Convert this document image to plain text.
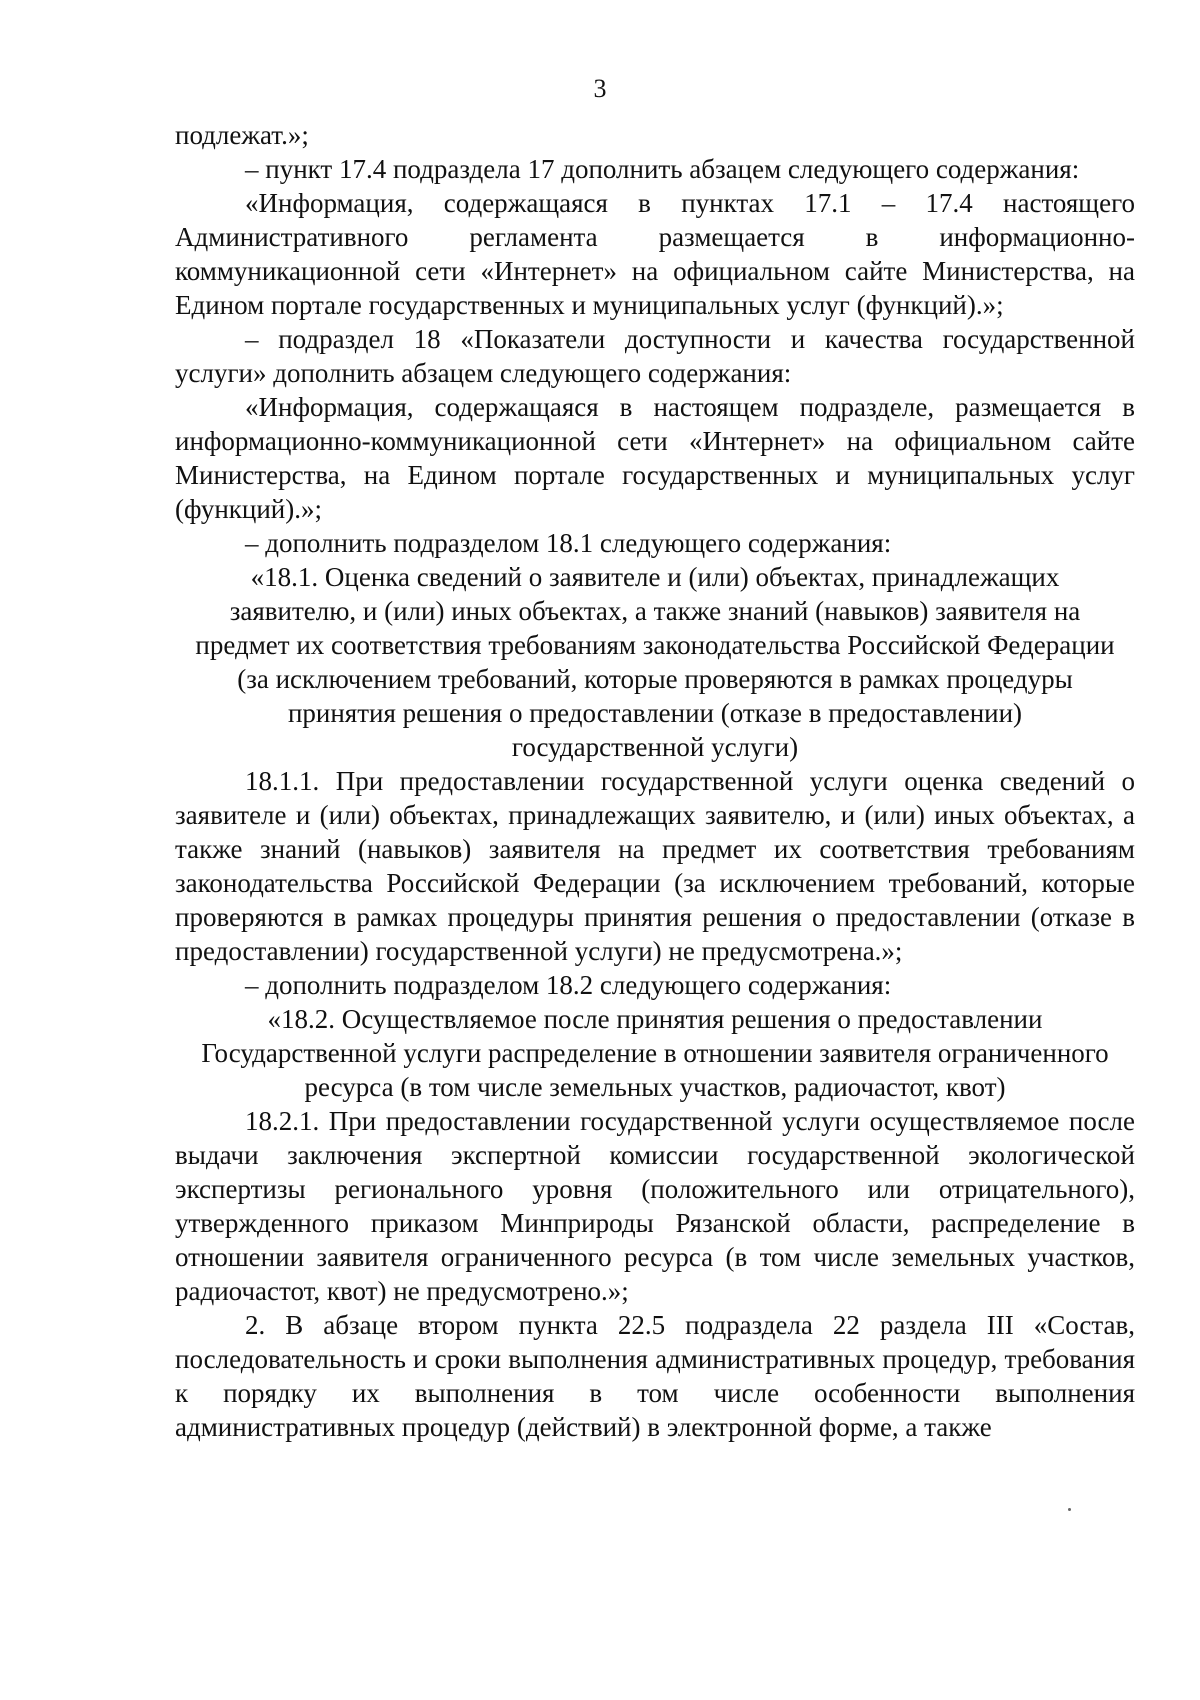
3

подлежат.»;

– пункт 17.4 подраздела 17 дополнить абзацем следующего содержания:

«Информация, содержащаяся в пунктах 17.1 – 17.4 настоящего Административного регламента размещается в информационно-коммуникационной сети «Интернет» на официальном сайте Министерства, на Едином портале государственных и муниципальных услуг (функций).»;

– подраздел 18 «Показатели доступности и качества государственной услуги» дополнить абзацем следующего содержания:

«Информация, содержащаяся в настоящем подразделе, размещается в информационно-коммуникационной сети «Интернет» на официальном сайте Министерства, на Едином портале государственных и муниципальных услуг (функций).»;

– дополнить подразделом 18.1 следующего содержания:

«18.1. Оценка сведений о заявителе и (или) объектах, принадлежащих заявителю, и (или) иных объектах, а также знаний (навыков) заявителя на предмет их соответствия требованиям законодательства Российской Федерации (за исключением требований, которые проверяются в рамках процедуры принятия решения о предоставлении (отказе в предоставлении) государственной услуги)

18.1.1. При предоставлении государственной услуги оценка сведений о заявителе и (или) объектах, принадлежащих заявителю, и (или) иных объектах, а также знаний (навыков) заявителя на предмет их соответствия требованиям законодательства Российской Федерации (за исключением требований, которые проверяются в рамках процедуры принятия решения о предоставлении (отказе в предоставлении) государственной услуги) не предусмотрена.»;

– дополнить подразделом 18.2 следующего содержания:

«18.2. Осуществляемое после принятия решения о предоставлении Государственной услуги распределение в отношении заявителя ограниченного ресурса (в том числе земельных участков, радиочастот, квот)

18.2.1. При предоставлении государственной услуги осуществляемое после выдачи заключения экспертной комиссии государственной экологической экспертизы регионального уровня (положительного или отрицательного), утвержденного приказом Минприроды Рязанской области, распределение в отношении заявителя ограниченного ресурса (в том числе земельных участков, радиочастот, квот) не предусмотрено.»;

2. В абзаце втором пункта 22.5 подраздела 22 раздела III «Состав, последовательность и сроки выполнения административных процедур, требования к порядку их выполнения в том числе особенности выполнения административных процедур (действий) в электронной форме, а также
